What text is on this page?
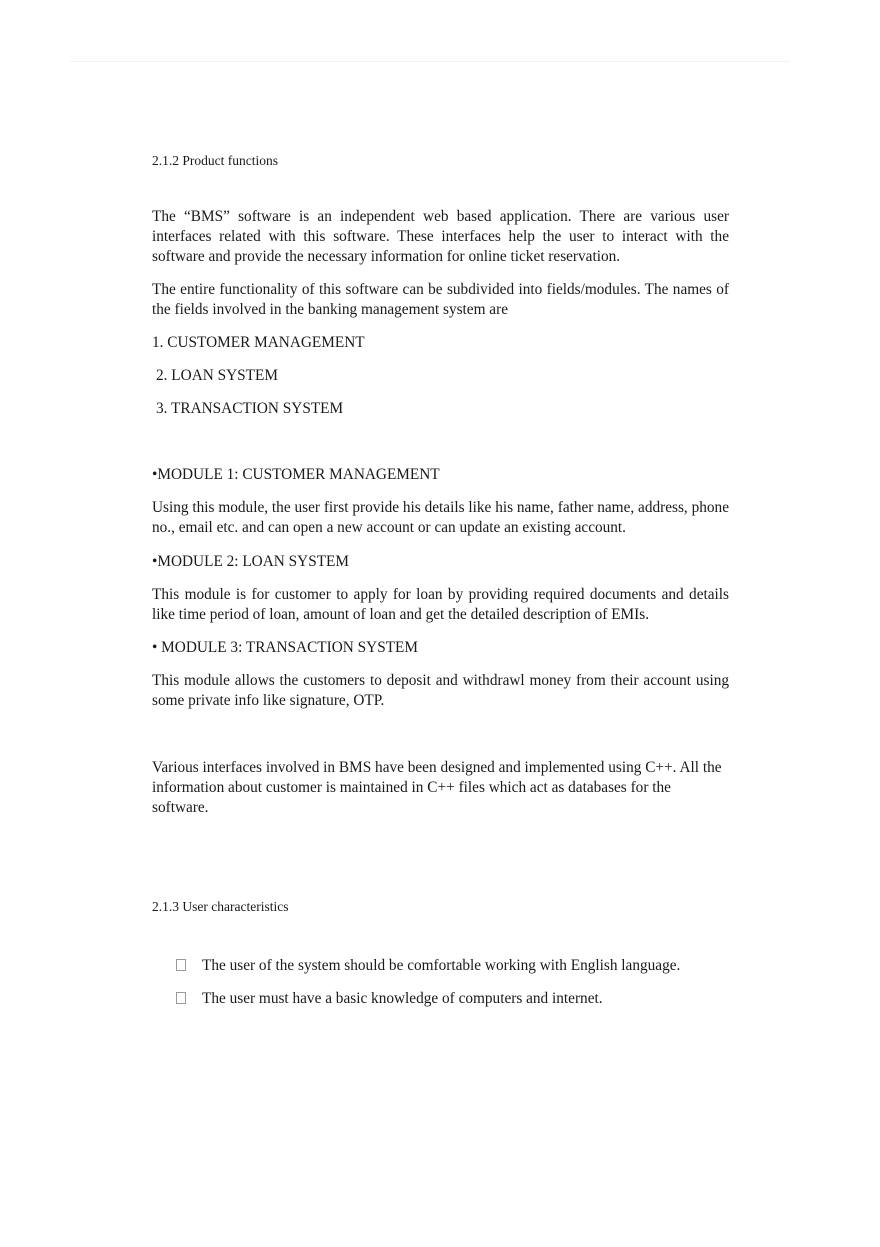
2.1.2 Product functions

The “BMS” software is an independent web based application. There are various user interfaces related with this software. These interfaces help the user to interact with the software and provide the necessary information for online ticket reservation.

The entire functionality of this software can be subdivided into fields/modules. The names of the fields involved in the banking management system are

1. CUSTOMER MANAGEMENT

2. LOAN SYSTEM

3. TRANSACTION SYSTEM

•MODULE 1: CUSTOMER MANAGEMENT

Using this module, the user first provide his details like his name, father name, address, phone no., email etc. and can open a new account or can update an existing account.

•MODULE 2: LOAN SYSTEM

This module is for customer to apply for loan by providing required documents and details like time period of loan, amount of loan and get the detailed description of EMIs.

• MODULE 3: TRANSACTION SYSTEM

This module allows the customers to deposit and withdrawl money from their account using some private info like signature, OTP.

Various interfaces involved in BMS have been designed and implemented using C++. All the

information about customer is maintained in C++ files which act as databases for the

software.

2.1.3 User characteristics
The user of the system should be comfortable working with English language.
The user must have a basic knowledge of computers and internet.
